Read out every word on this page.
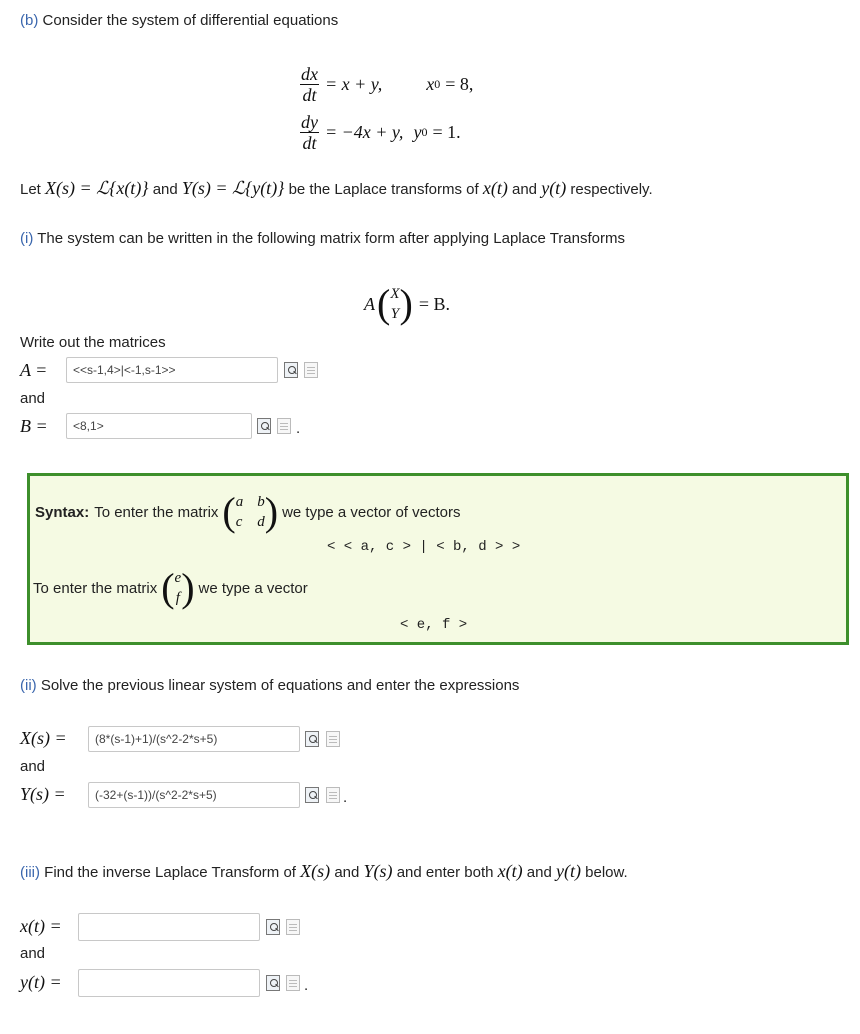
(b) Consider the system of differential equations
$\frac{dx}{dt} = x + y$, x 0 = 8,
$\frac{dy}{dt} = -4x + y$, y 0 = 1.
Let X(s) = ℒ{x(t)} and Y(s) = ℒ{y(t)} be the Laplace transforms of x(t) and y(t) respectively.
(i) The system can be written in the following matrix form after applying Laplace Transforms
A ( X
Y ) = B.
Write out the matrices
A =
<<s-1,4>|<-1,s-1>>
and
B =
<8,1>	.
Syntax: To enter the matrix ( a b
c d ) we type a vector of vectors
< < a, c > | < b, d > >
To enter the matrix ( e
f ) we type a vector
< e, f >
(ii) Solve the previous linear system of equations and enter the expressions
X(s) =
(8*(s-1)+1)/(s^2-2*s+5)
and
Y(s) =
(-32+(s-1))/(s^2-2*s+5)	.
(iii) Find the inverse Laplace Transform of X(s) and Y(s) and enter both x(t) and y(t) below.
x(t) =
and
y(t) =	.
